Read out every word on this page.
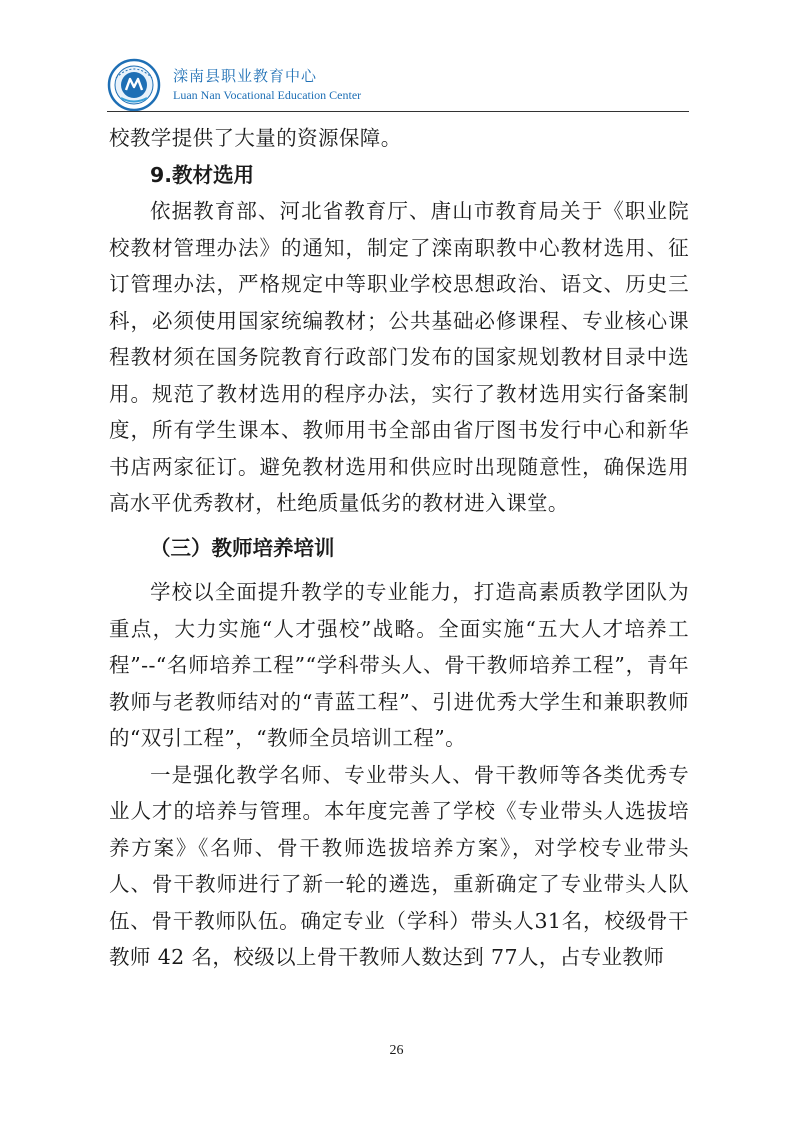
滦南县职业教育中心
Luan Nan Vocational Education Center

校教学提供了大量的资源保障。

9.教材选用

依据教育部、河北省教育厅、唐山市教育局关于《职业院校教材管理办法》的通知，制定了滦南职教中心教材选用、征订管理办法，严格规定中等职业学校思想政治、语文、历史三科，必须使用国家统编教材；公共基础必修课程、专业核心课程教材须在国务院教育行政部门发布的国家规划教材目录中选用。规范了教材选用的程序办法，实行了教材选用实行备案制度，所有学生课本、教师用书全部由省厅图书发行中心和新华书店两家征订。避免教材选用和供应时出现随意性，确保选用高水平优秀教材，杜绝质量低劣的教材进入课堂。

（三）教师培养培训

学校以全面提升教学的专业能力，打造高素质教学团队为重点，大力实施“人才强校”战略。全面实施“五大人才培养工程”--“名师培养工程”“学科带头人、骨干教师培养工程”，青年教师与老教师结对的“青蓝工程”、引进优秀大学生和兼职教师的“双引工程”，“教师全员培训工程”。

一是强化教学名师、专业带头人、骨干教师等各类优秀专业人才的培养与管理。本年度完善了学校《专业带头人选拔培养方案》《名师、骨干教师选拔培养方案》，对学校专业带头人、骨干教师进行了新一轮的遴选，重新确定了专业带头人队伍、骨干教师队伍。确定专业（学科）带头人31名，校级骨干教师 42 名，校级以上骨干教师人数达到 77人，占专业教师

26
